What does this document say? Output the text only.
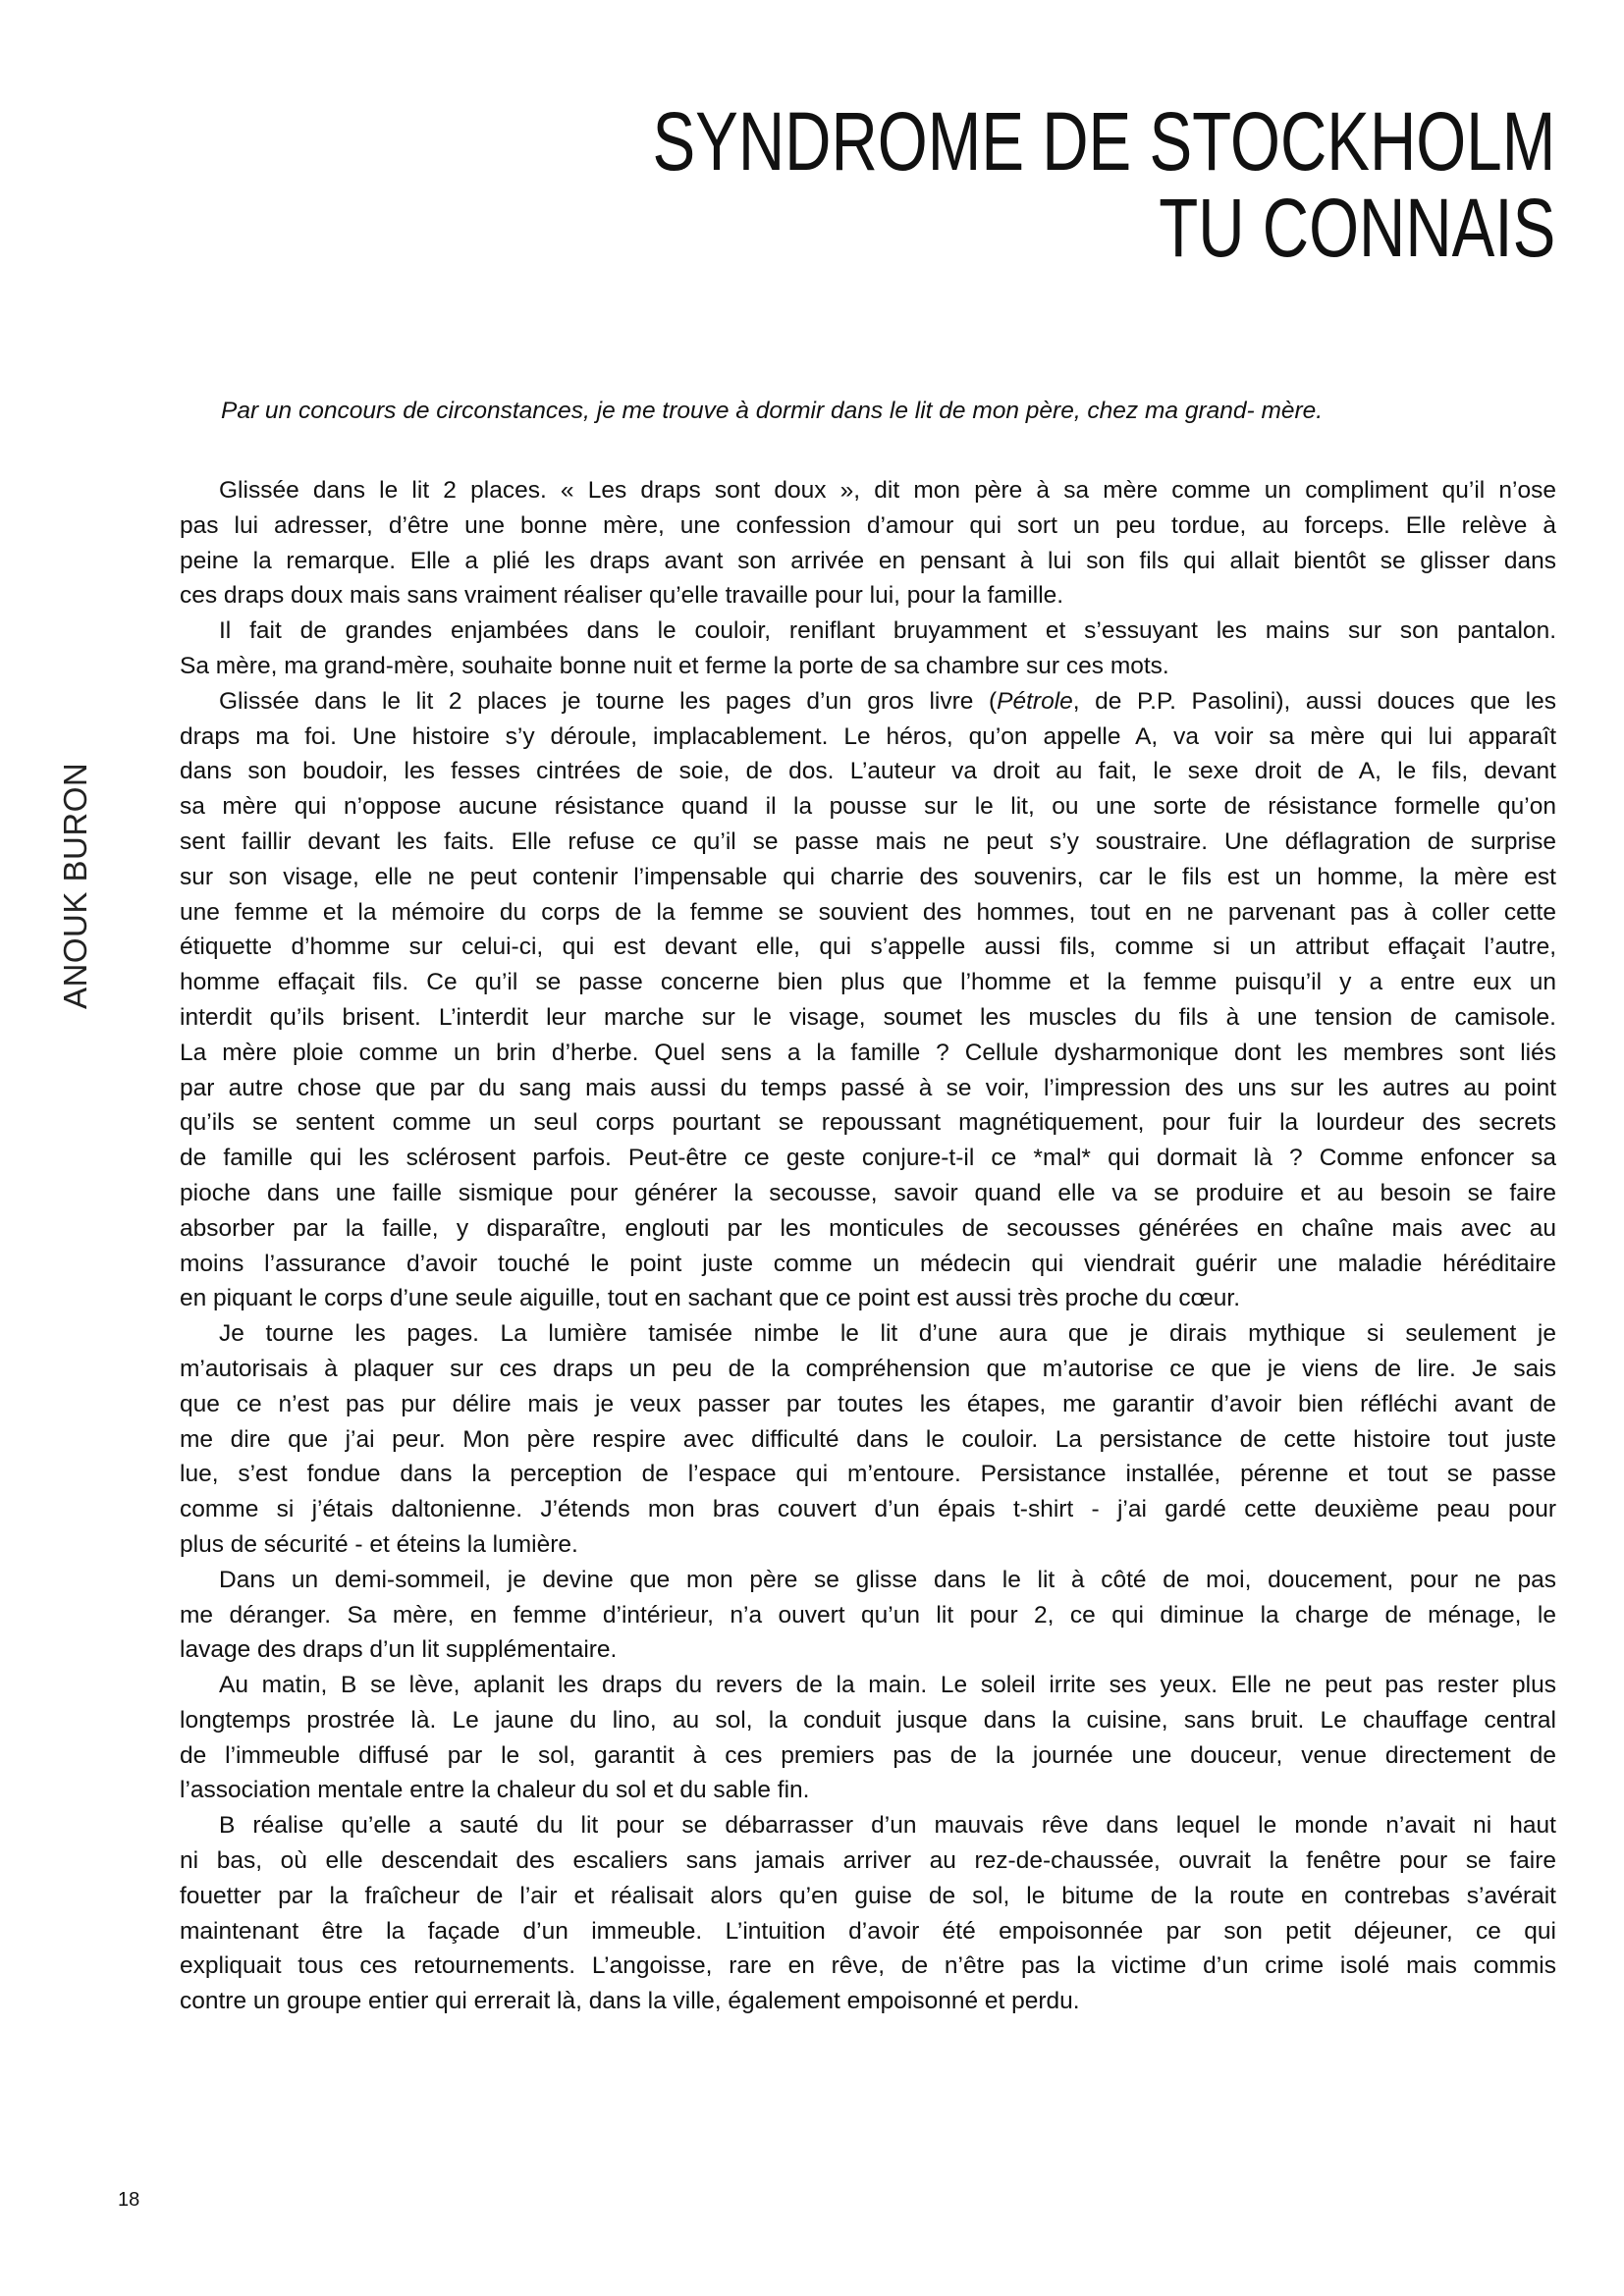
SYNDROME DE STOCKHOLM
TU CONNAIS
ANOUK BURON
Par un concours de circonstances, je me trouve à dormir dans le lit de mon père, chez ma grand- mère.
Glissée dans le lit 2 places. « Les draps sont doux », dit mon père à sa mère comme un compliment qu’il n’ose
pas lui adresser, d’être une bonne mère, une confession d’amour qui sort un peu tordue, au forceps. Elle relève à
peine la remarque. Elle a plié les draps avant son arrivée en pensant à lui son fils qui allait bientôt se glisser dans
ces draps doux mais sans vraiment réaliser qu’elle travaille pour lui, pour la famille.
Il fait de grandes enjambées dans le couloir, reniflant bruyamment et s’essuyant les mains sur son pantalon.
Sa mère, ma grand-mère, souhaite bonne nuit et ferme la porte de sa chambre sur ces mots.
Glissée dans le lit 2 places je tourne les pages d’un gros livre (Pétrole, de P.P. Pasolini), aussi douces que les
draps ma foi. Une histoire s’y déroule, implacablement. Le héros, qu’on appelle A, va voir sa mère qui lui apparaît
dans son boudoir, les fesses cintrées de soie, de dos. L’auteur va droit au fait, le sexe droit de A, le fils, devant
sa mère qui n’oppose aucune résistance quand il la pousse sur le lit, ou une sorte de résistance formelle qu’on
sent faillir devant les faits. Elle refuse ce qu’il se passe mais ne peut s’y soustraire. Une déflagration de surprise
sur son visage, elle ne peut contenir l’impensable qui charrie des souvenirs, car le fils est un homme, la mère est
une femme et la mémoire du corps de la femme se souvient des hommes, tout en ne parvenant pas à coller cette
étiquette d’homme sur celui-ci, qui est devant elle, qui s’appelle aussi fils, comme si un attribut effaçait l’autre,
homme effaçait fils. Ce qu’il se passe concerne bien plus que l’homme et la femme puisqu’il y a entre eux un
interdit qu’ils brisent. L’interdit leur marche sur le visage, soumet les muscles du fils à une tension de camisole.
La mère ploie comme un brin d’herbe. Quel sens a la famille ? Cellule dysharmonique dont les membres sont liés
par autre chose que par du sang mais aussi du temps passé à se voir, l’impression des uns sur les autres au point
qu’ils se sentent comme un seul corps pourtant se repoussant magnétiquement, pour fuir la lourdeur des secrets
de famille qui les sclérosent parfois. Peut-être ce geste conjure-t-il ce *mal* qui dormait là ? Comme enfoncer sa
pioche dans une faille sismique pour générer la secousse, savoir quand elle va se produire et au besoin se faire
absorber par la faille, y disparaître, englouti par les monticules de secousses générées en chaîne mais avec au
moins l’assurance d’avoir touché le point juste comme un médecin qui viendrait guérir une maladie héréditaire
en piquant le corps d’une seule aiguille, tout en sachant que ce point est aussi très proche du cœur.
Je tourne les pages. La lumière tamisée nimbe le lit d’une aura que je dirais mythique si seulement je
m’autorisais à plaquer sur ces draps un peu de la compréhension que m’autorise ce que je viens de lire. Je sais
que ce n’est pas pur délire mais je veux passer par toutes les étapes, me garantir d’avoir bien réfléchi avant de
me dire que j’ai peur. Mon père respire avec difficulté dans le couloir. La persistance de cette histoire tout juste
lue, s’est fondue dans la perception de l’espace qui m’entoure. Persistance installée, pérenne et tout se passe
comme si j’étais daltonienne. J’étends mon bras couvert d’un épais t-shirt - j’ai gardé cette deuxième peau pour
plus de sécurité - et éteins la lumière.
Dans un demi-sommeil, je devine que mon père se glisse dans le lit à côté de moi, doucement, pour ne pas
me déranger. Sa mère, en femme d’intérieur, n’a ouvert qu’un lit pour 2, ce qui diminue la charge de ménage, le
lavage des draps d’un lit supplémentaire.
Au matin, B se lève, aplanit les draps du revers de la main. Le soleil irrite ses yeux. Elle ne peut pas rester plus
longtemps prostrée là. Le jaune du lino, au sol, la conduit jusque dans la cuisine, sans bruit. Le chauffage central
de l’immeuble diffusé par le sol, garantit à ces premiers pas de la journée une douceur, venue directement de
l’association mentale entre la chaleur du sol et du sable fin.
B réalise qu’elle a sauté du lit pour se débarrasser d’un mauvais rêve dans lequel le monde n’avait ni haut
ni bas, où elle descendait des escaliers sans jamais arriver au rez-de-chaussée, ouvrait la fenêtre pour se faire
fouetter par la fraîcheur de l’air et réalisait alors qu’en guise de sol, le bitume de la route en contrebas s’avérait
maintenant être la façade d’un immeuble. L’intuition d’avoir été empoisonnée par son petit déjeuner, ce qui
expliquait tous ces retournements. L’angoisse, rare en rêve, de n’être pas la victime d’un crime isolé mais commis
contre un groupe entier qui errerait là, dans la ville, également empoisonné et perdu.
18
